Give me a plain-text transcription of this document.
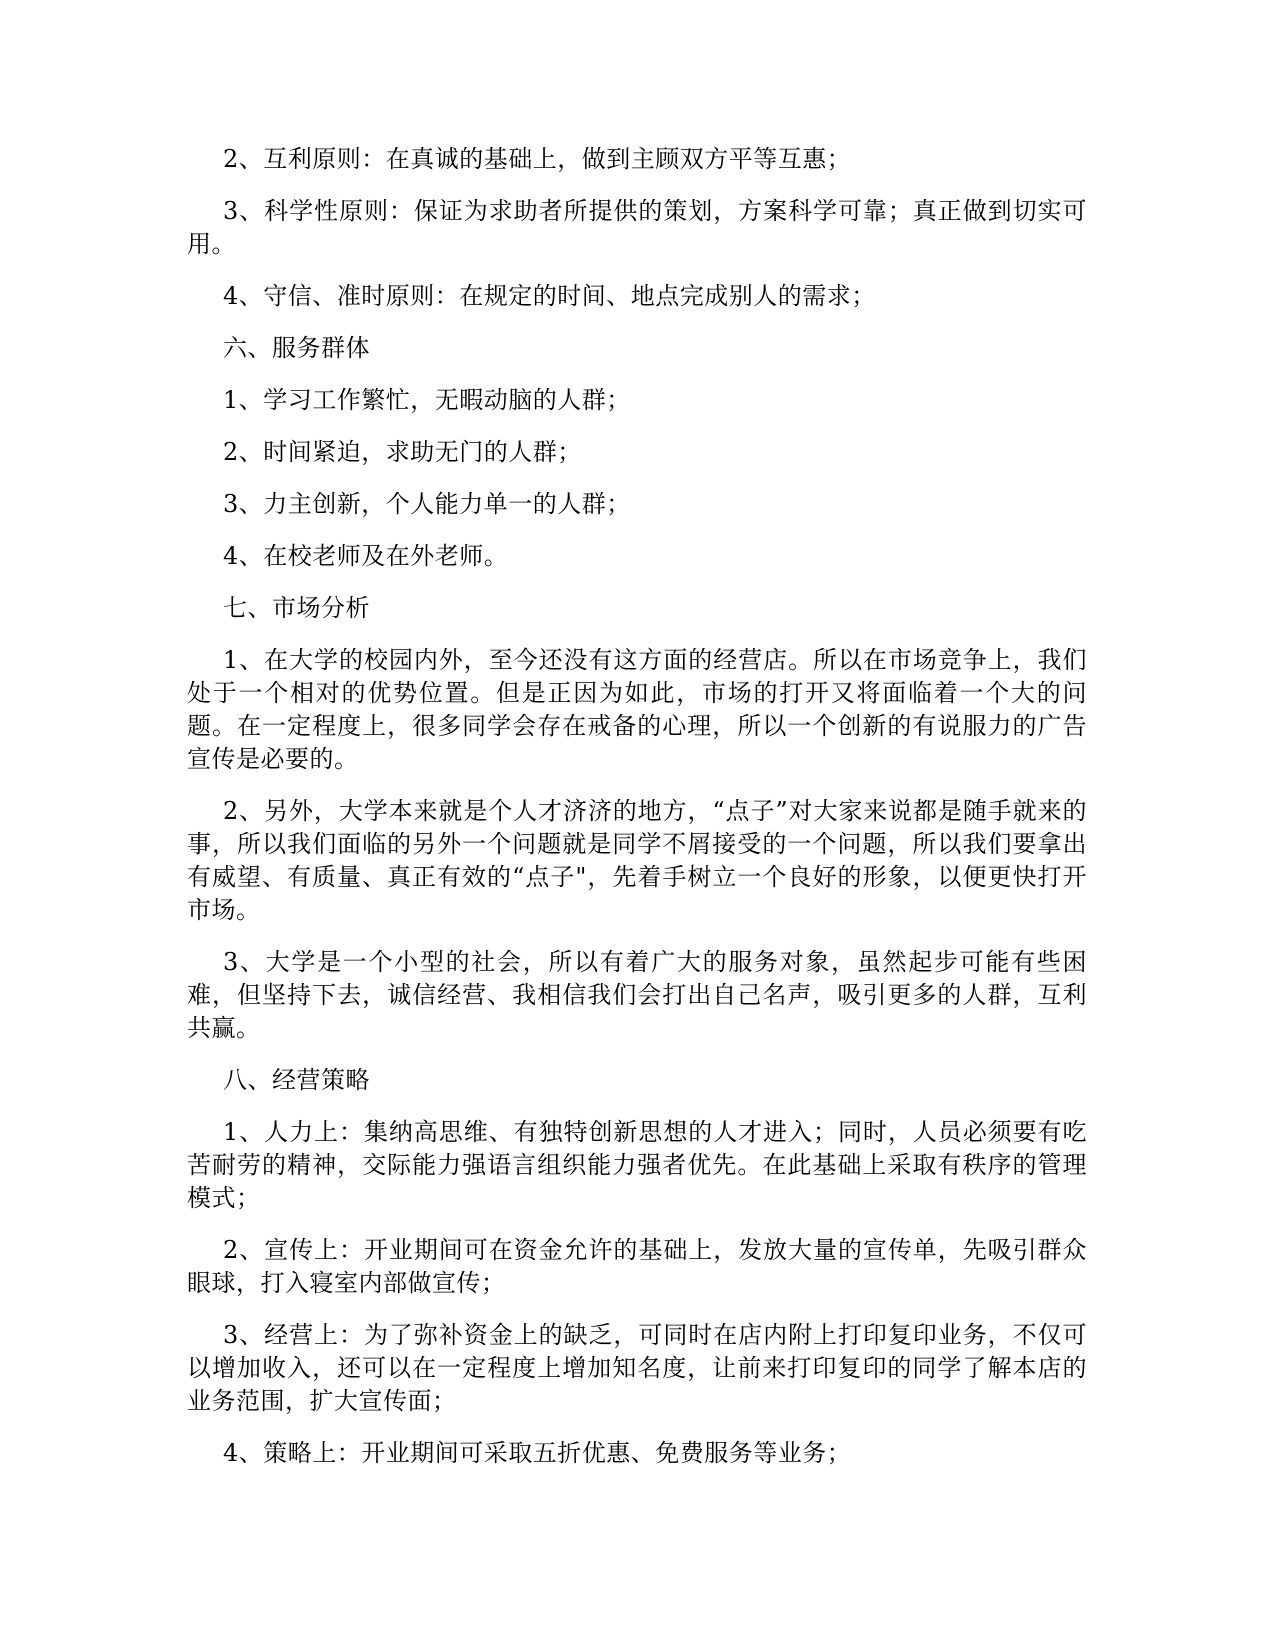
2、互利原则：在真诚的基础上，做到主顾双方平等互惠；

3、科学性原则：保证为求助者所提供的策划，方案科学可靠；真正做到切实可用。

4、守信、准时原则：在规定的时间、地点完成别人的需求；

六、服务群体

1、学习工作繁忙，无暇动脑的人群；

2、时间紧迫，求助无门的人群；

3、力主创新，个人能力单一的人群；

4、在校老师及在外老师。

七、市场分析

1、在大学的校园内外，至今还没有这方面的经营店。所以在市场竞争上，我们处于一个相对的优势位置。但是正因为如此，市场的打开又将面临着一个大的问题。在一定程度上，很多同学会存在戒备的心理，所以一个创新的有说服力的广告宣传是必要的。

2、另外，大学本来就是个人才济济的地方，“点子”对大家来说都是随手就来的事，所以我们面临的另外一个问题就是同学不屑接受的一个问题，所以我们要拿出有威望、有质量、真正有效的“点子"，先着手树立一个良好的形象，以便更快打开市场。

3、大学是一个小型的社会，所以有着广大的服务对象，虽然起步可能有些困难，但坚持下去，诚信经营、我相信我们会打出自己名声，吸引更多的人群，互利共赢。

八、经营策略

1、人力上：集纳高思维、有独特创新思想的人才进入；同时，人员必须要有吃苦耐劳的精神，交际能力强语言组织能力强者优先。在此基础上采取有秩序的管理模式；

2、宣传上：开业期间可在资金允许的基础上，发放大量的宣传单，先吸引群众眼球，打入寝室内部做宣传；

3、经营上：为了弥补资金上的缺乏，可同时在店内附上打印复印业务，不仅可以增加收入，还可以在一定程度上增加知名度，让前来打印复印的同学了解本店的业务范围，扩大宣传面；

4、策略上：开业期间可采取五折优惠、免费服务等业务；
